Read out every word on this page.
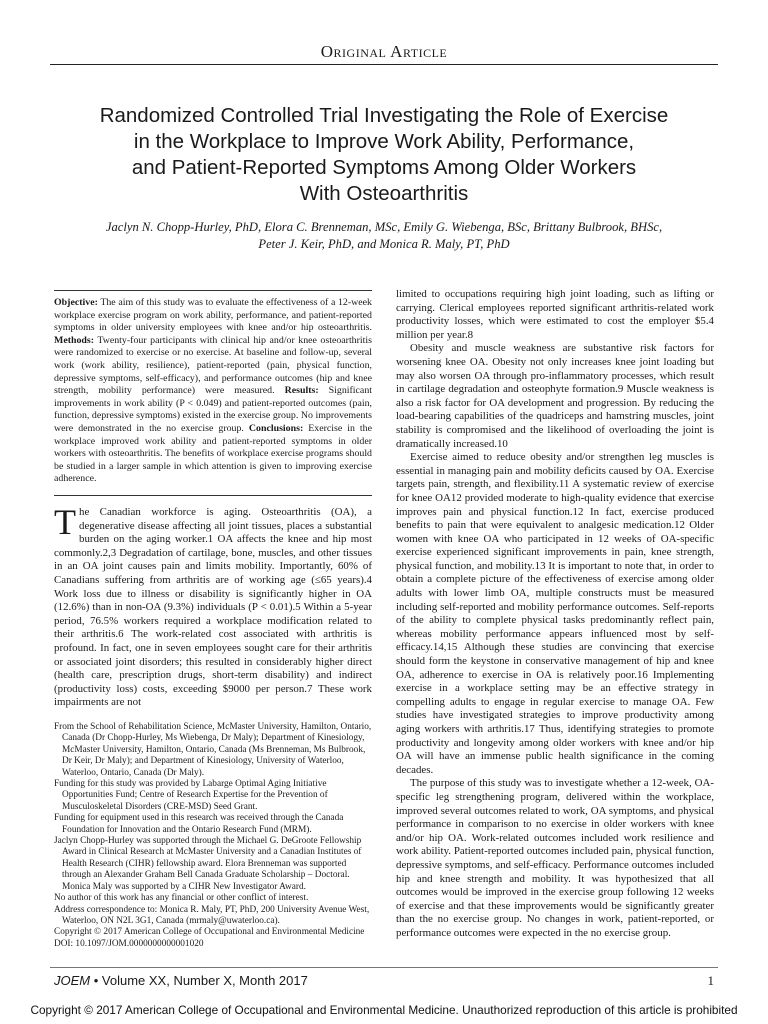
Original Article
Randomized Controlled Trial Investigating the Role of Exercise
in the Workplace to Improve Work Ability, Performance,
and Patient-Reported Symptoms Among Older Workers
With Osteoarthritis
Jaclyn N. Chopp-Hurley, PhD, Elora C. Brenneman, MSc, Emily G. Wiebenga, BSc, Brittany Bulbrook, BHSc,
Peter J. Keir, PhD, and Monica R. Maly, PT, PhD

Objective: The aim of this study was to evaluate the effectiveness of a 12-week workplace exercise program on work ability, performance, and patient-reported symptoms in older university employees with knee and/or hip osteoarthritis. Methods: Twenty-four participants with clinical hip and/or knee osteoarthritis were randomized to exercise or no exercise. At baseline and follow-up, several work (work ability, resilience), patient-reported (pain, physical function, depressive symptoms, self-efficacy), and performance outcomes (hip and knee strength, mobility performance) were measured. Results: Significant improvements in work ability (P < 0.049) and patient-reported outcomes (pain, function, depressive symptoms) existed in the exercise group. No improvements were demonstrated in the no exercise group. Conclusions: Exercise in the workplace improved work ability and patient-reported symptoms in older workers with osteoarthritis. The benefits of workplace exercise programs should be studied in a larger sample in which attention is given to improving exercise adherence.

The Canadian workforce is aging. Osteoarthritis (OA), a degenerative disease affecting all joint tissues, places a substantial burden on the aging worker.1 OA affects the knee and hip most commonly.2,3 Degradation of cartilage, bone, muscles, and other tissues in an OA joint causes pain and limits mobility. Importantly, 60% of Canadians suffering from arthritis are of working age (≤65 years).4 Work loss due to illness or disability is significantly higher in OA (12.6%) than in non-OA (9.3%) individuals (P < 0.01).5 Within a 5-year period, 76.5% workers required a workplace modification related to their arthritis.6 The work-related cost associated with arthritis is profound. In fact, one in seven employees sought care for their arthritis or associated joint disorders; this resulted in considerably higher direct (health care, prescription drugs, short-term disability) and indirect (productivity loss) costs, exceeding $9000 per person.7 These work impairments are not

From the School of Rehabilitation Science, McMaster University, Hamilton, Ontario, Canada (Dr Chopp-Hurley, Ms Wiebenga, Dr Maly); Department of Kinesiology, McMaster University, Hamilton, Ontario, Canada (Ms Brenneman, Ms Bulbrook, Dr Keir, Dr Maly); and Department of Kinesiology, University of Waterloo, Waterloo, Ontario, Canada (Dr Maly).

Funding for this study was provided by Labarge Optimal Aging Initiative Opportunities Fund; Centre of Research Expertise for the Prevention of Musculoskeletal Disorders (CRE-MSD) Seed Grant.

Funding for equipment used in this research was received through the Canada Foundation for Innovation and the Ontario Research Fund (MRM).

Jaclyn Chopp-Hurley was supported through the Michael G. DeGroote Fellowship Award in Clinical Research at McMaster University and a Canadian Institutes of Health Research (CIHR) fellowship award. Elora Brenneman was supported through an Alexander Graham Bell Canada Graduate Scholarship – Doctoral. Monica Maly was supported by a CIHR New Investigator Award.

No author of this work has any financial or other conflict of interest.

Address correspondence to: Monica R. Maly, PT, PhD, 200 University Avenue West, Waterloo, ON N2L 3G1, Canada (mrmaly@uwaterloo.ca).

Copyright © 2017 American College of Occupational and Environmental Medicine

DOI: 10.1097/JOM.0000000000001020

limited to occupations requiring high joint loading, such as lifting or carrying. Clerical employees reported significant arthritis-related work productivity losses, which were estimated to cost the employer $5.4 million per year.8

Obesity and muscle weakness are substantive risk factors for worsening knee OA. Obesity not only increases knee joint loading but may also worsen OA through pro-inflammatory processes, which result in cartilage degradation and osteophyte formation.9 Muscle weakness is also a risk factor for OA development and progression. By reducing the load-bearing capabilities of the quadriceps and hamstring muscles, joint stability is compromised and the likelihood of overloading the joint is dramatically increased.10

Exercise aimed to reduce obesity and/or strengthen leg muscles is essential in managing pain and mobility deficits caused by OA. Exercise targets pain, strength, and flexibility.11 A systematic review of exercise for knee OA12 provided moderate to high-quality evidence that exercise improves pain and physical function.12 In fact, exercise produced benefits to pain that were equivalent to analgesic medication.12 Older women with knee OA who participated in 12 weeks of OA-specific exercise experienced significant improvements in pain, knee strength, physical function, and mobility.13 It is important to note that, in order to obtain a complete picture of the effectiveness of exercise among older adults with lower limb OA, multiple constructs must be measured including self-reported and mobility performance outcomes. Self-reports of the ability to complete physical tasks predominantly reflect pain, whereas mobility performance appears influenced most by self-efficacy.14,15 Although these studies are convincing that exercise should form the keystone in conservative management of hip and knee OA, adherence to exercise in OA is relatively poor.16 Implementing exercise in a workplace setting may be an effective strategy in compelling adults to engage in regular exercise to manage OA. Few studies have investigated strategies to improve productivity among aging workers with arthritis.17 Thus, identifying strategies to promote productivity and longevity among older workers with knee and/or hip OA will have an immense public health significance in the coming decades.

The purpose of this study was to investigate whether a 12-week, OA-specific leg strengthening program, delivered within the workplace, improved several outcomes related to work, OA symptoms, and physical performance in comparison to no exercise in older workers with knee and/or hip OA. Work-related outcomes included work resilience and work ability. Patient-reported outcomes included pain, physical function, depressive symptoms, and self-efficacy. Performance outcomes included hip and knee strength and mobility. It was hypothesized that all outcomes would be improved in the exercise group following 12 weeks of exercise and that these improvements would be significantly greater than the no exercise group. No changes in work, patient-reported, or performance outcomes were expected in the no exercise group.

JOEM • Volume XX, Number X, Month 2017	1
Copyright © 2017 American College of Occupational and Environmental Medicine. Unauthorized reproduction of this article is prohibited
